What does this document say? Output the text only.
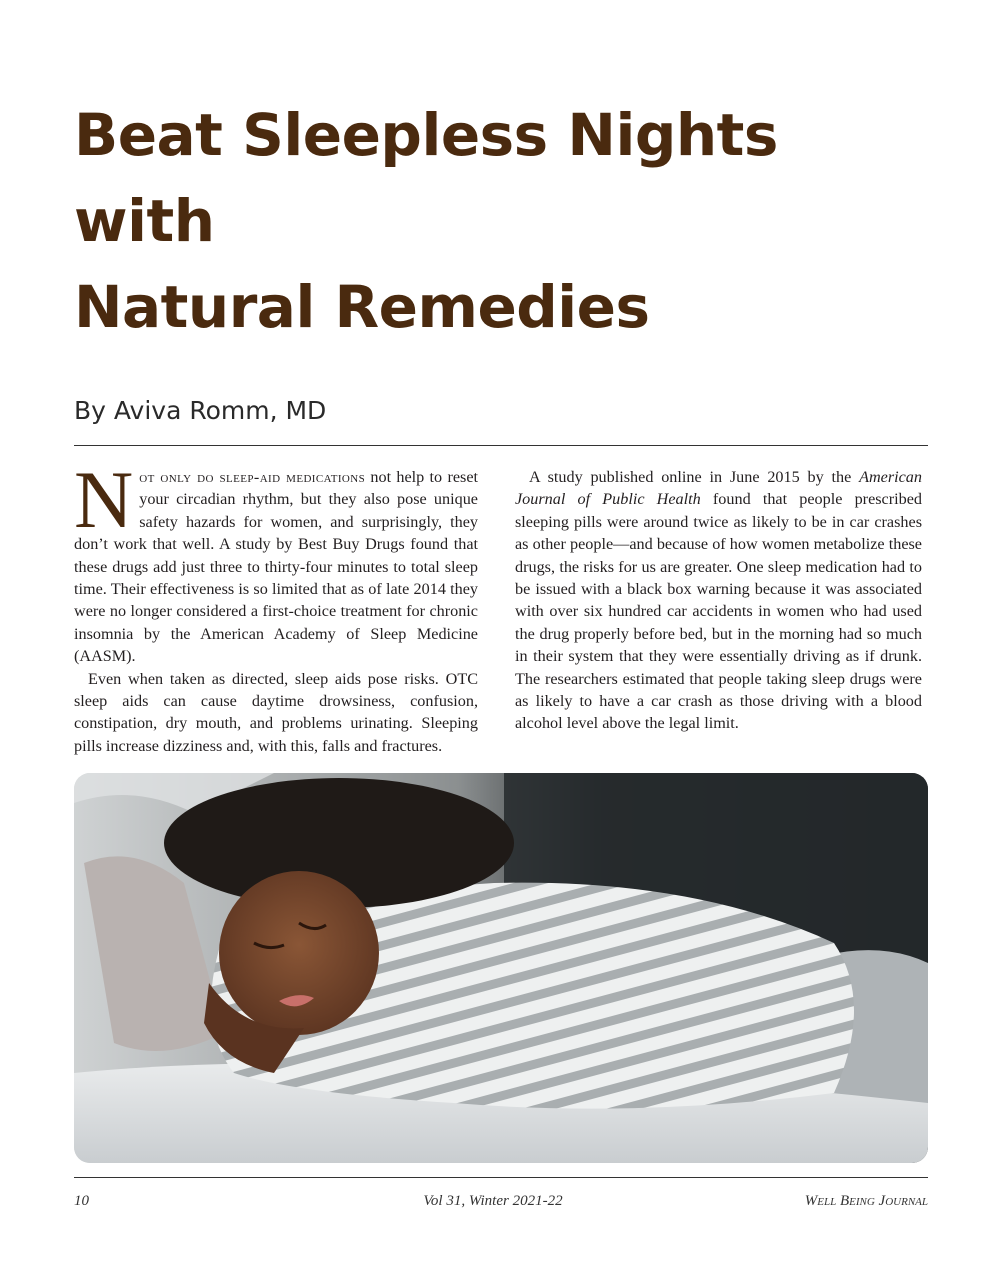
Beat Sleepless Nights with
Natural Remedies
By Aviva Romm, MD

Not only do sleep-aid medications not help to reset your circadian rhythm, but they also pose unique safety hazards for women, and surprisingly, they don’t work that well. A study by Best Buy Drugs found that these drugs add just three to thirty-four minutes to total sleep time. Their effectiveness is so limited that as of late 2014 they were no longer considered a first-choice treatment for chronic insomnia by the American Academy of Sleep Medicine (AASM).

Even when taken as directed, sleep aids pose risks. OTC sleep aids can cause daytime drowsiness, confusion, constipation, dry mouth, and problems urinating. Sleeping pills increase dizziness and, with this, falls and fractures.

A study published online in June 2015 by the American Journal of Public Health found that people prescribed sleeping pills were around twice as likely to be in car crashes as other people—and because of how women metabolize these drugs, the risks for us are greater. One sleep medication had to be issued with a black box warning because it was associated with over six hundred car accidents in women who had used the drug properly before bed, but in the morning had so much in their system that they were essentially driving as if drunk. The researchers estimated that people taking sleep drugs were as likely to have a car crash as those driving with a blood alcohol level above the legal limit.

10	Vol 31, Winter 2021-22	Well Being Journal
